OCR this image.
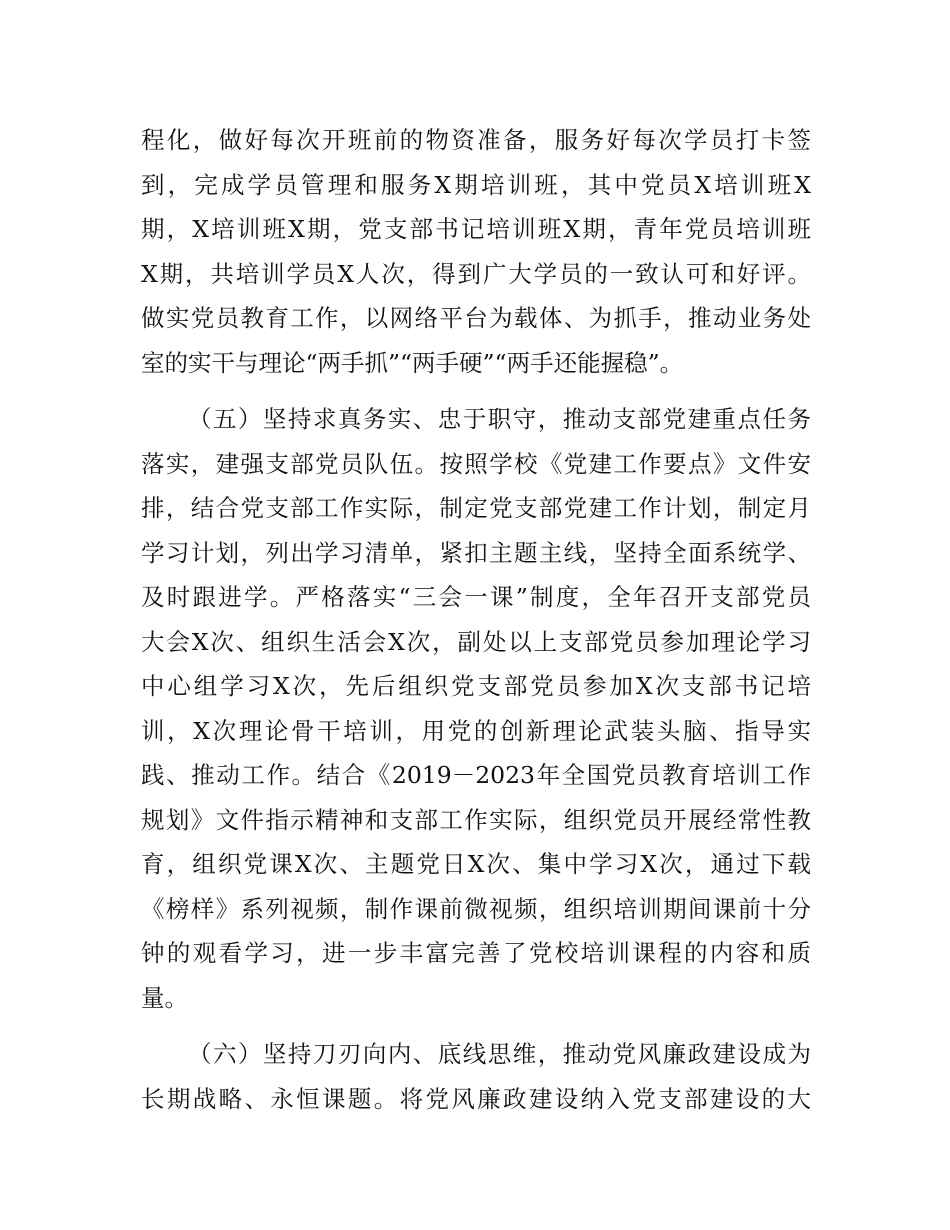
程化，做好每次开班前的物资准备，服务好每次学员打卡签
到，完成学员管理和服务X期培训班，其中党员X培训班X
期，X培训班X期，党支部书记培训班X期，青年党员培训班
X期，共培训学员X人次，得到广大学员的一致认可和好评。
做实党员教育工作，以网络平台为载体、为抓手，推动业务处
室的实干与理论“两手抓”“两手硬”“两手还能握稳”。
（五）坚持求真务实、忠于职守，推动支部党建重点任务
落实，建强支部党员队伍。按照学校《党建工作要点》文件安
排，结合党支部工作实际，制定党支部党建工作计划，制定月
学习计划，列出学习清单，紧扣主题主线，坚持全面系统学、
及时跟进学。严格落实“三会一课”制度，全年召开支部党员
大会X次、组织生活会X次，副处以上支部党员参加理论学习
中心组学习X次，先后组织党支部党员参加X次支部书记培
训，X次理论骨干培训，用党的创新理论武装头脑、指导实
践、推动工作。结合《2019－2023年全国党员教育培训工作
规划》文件指示精神和支部工作实际，组织党员开展经常性教
育，组织党课X次、主题党日X次、集中学习X次，通过下载
《榜样》系列视频，制作课前微视频，组织培训期间课前十分
钟的观看学习，进一步丰富完善了党校培训课程的内容和质
量。
（六）坚持刀刃向内、底线思维，推动党风廉政建设成为
长期战略、永恒课题。将党风廉政建设纳入党支部建设的大
